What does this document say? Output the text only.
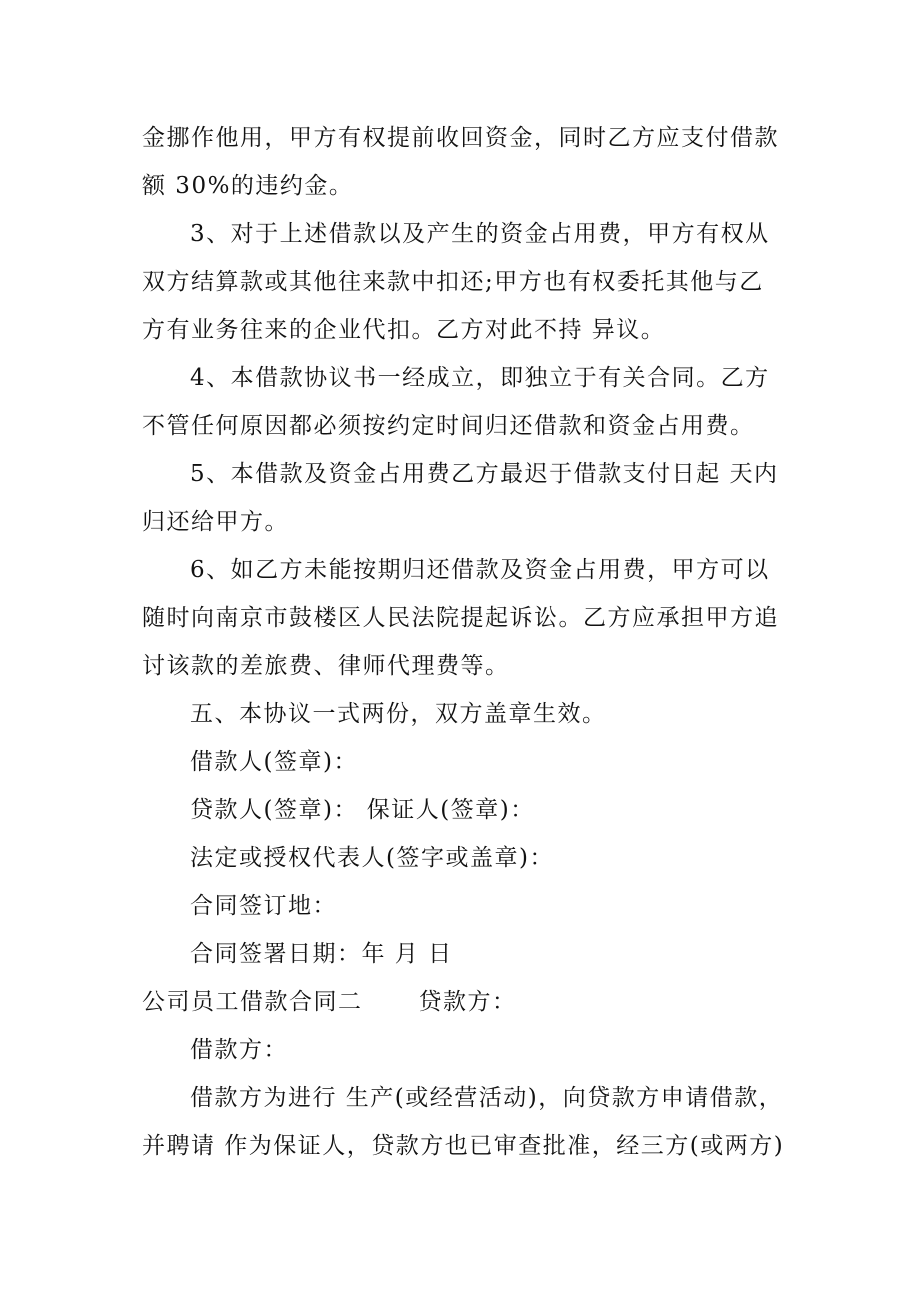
金挪作他用，甲方有权提前收回资金，同时乙方应支付借款
额 30%的违约金。
3、对于上述借款以及产生的资金占用费，甲方有权从
双方结算款或其他往来款中扣还;甲方也有权委托其他与乙
方有业务往来的企业代扣。乙方对此不持 异议。
4、本借款协议书一经成立，即独立于有关合同。乙方
不管任何原因都必须按约定时间归还借款和资金占用费。
5、本借款及资金占用费乙方最迟于借款支付日起 天内
归还给甲方。
6、如乙方未能按期归还借款及资金占用费，甲方可以
随时向南京市鼓楼区人民法院提起诉讼。乙方应承担甲方追
讨该款的差旅费、律师代理费等。
五、本协议一式两份，双方盖章生效。
借款人(签章)：
贷款人(签章)： 保证人(签章)：
法定或授权代表人(签字或盖章)：
合同签订地：
合同签署日期：年 月 日
公司员工借款合同二 贷款方：
借款方：
借款方为进行 生产(或经营活动)，向贷款方申请借款，
并聘请 作为保证人，贷款方也已审查批准，经三方(或两方)
